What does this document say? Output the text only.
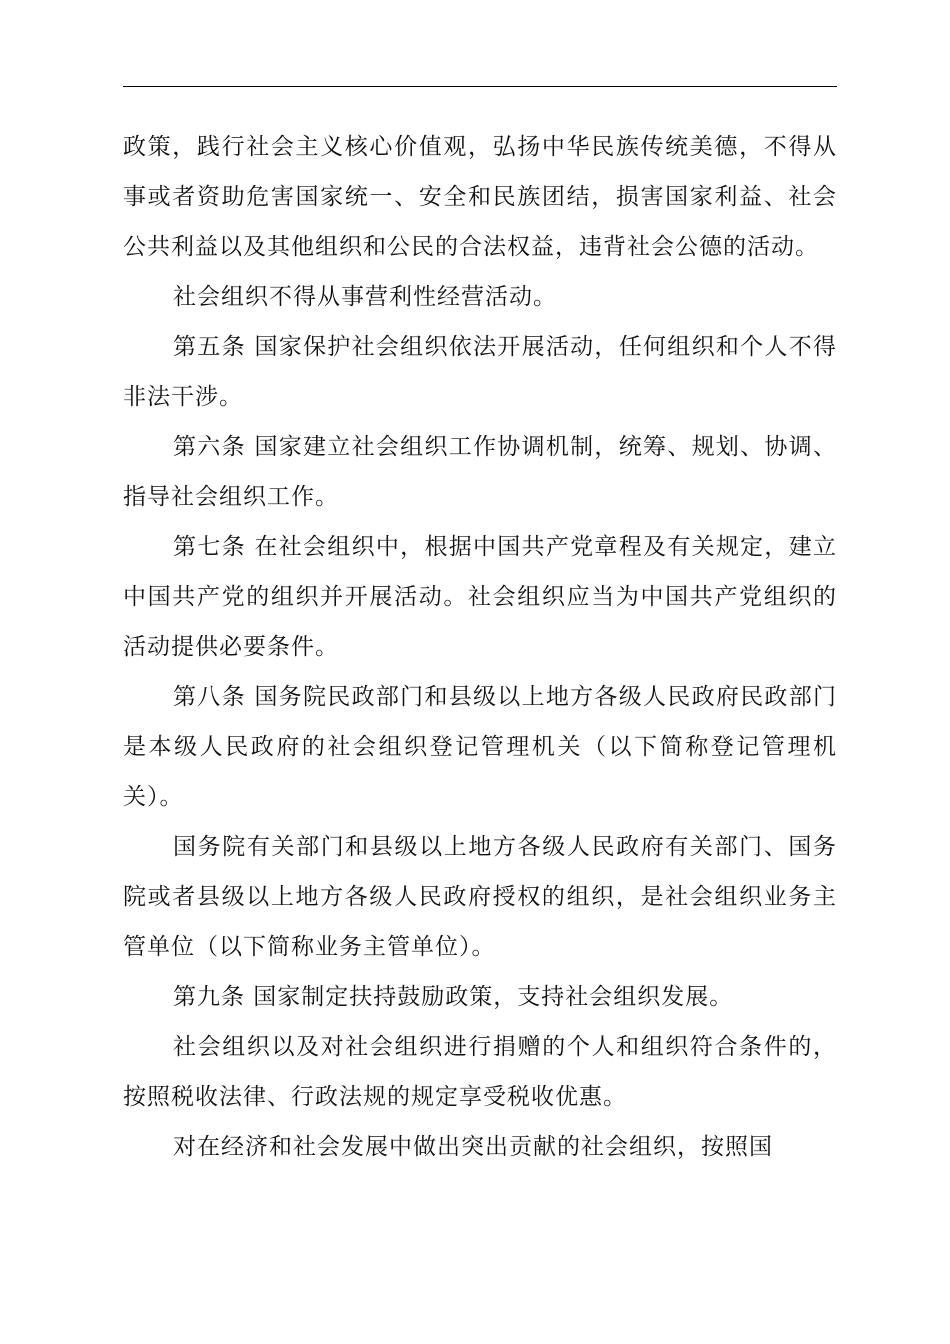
政策，践行社会主义核心价值观，弘扬中华民族传统美德，不得从事或者资助危害国家统一、安全和民族团结，损害国家利益、社会公共利益以及其他组织和公民的合法权益，违背社会公德的活动。

社会组织不得从事营利性经营活动。

第五条 国家保护社会组织依法开展活动，任何组织和个人不得非法干涉。

第六条 国家建立社会组织工作协调机制，统筹、规划、协调、指导社会组织工作。

第七条 在社会组织中，根据中国共产党章程及有关规定，建立中国共产党的组织并开展活动。社会组织应当为中国共产党组织的活动提供必要条件。

第八条 国务院民政部门和县级以上地方各级人民政府民政部门是本级人民政府的社会组织登记管理机关（以下简称登记管理机关）。

国务院有关部门和县级以上地方各级人民政府有关部门、国务院或者县级以上地方各级人民政府授权的组织，是社会组织业务主管单位（以下简称业务主管单位）。

第九条 国家制定扶持鼓励政策，支持社会组织发展。

社会组织以及对社会组织进行捐赠的个人和组织符合条件的，按照税收法律、行政法规的规定享受税收优惠。

对在经济和社会发展中做出突出贡献的社会组织，按照国
